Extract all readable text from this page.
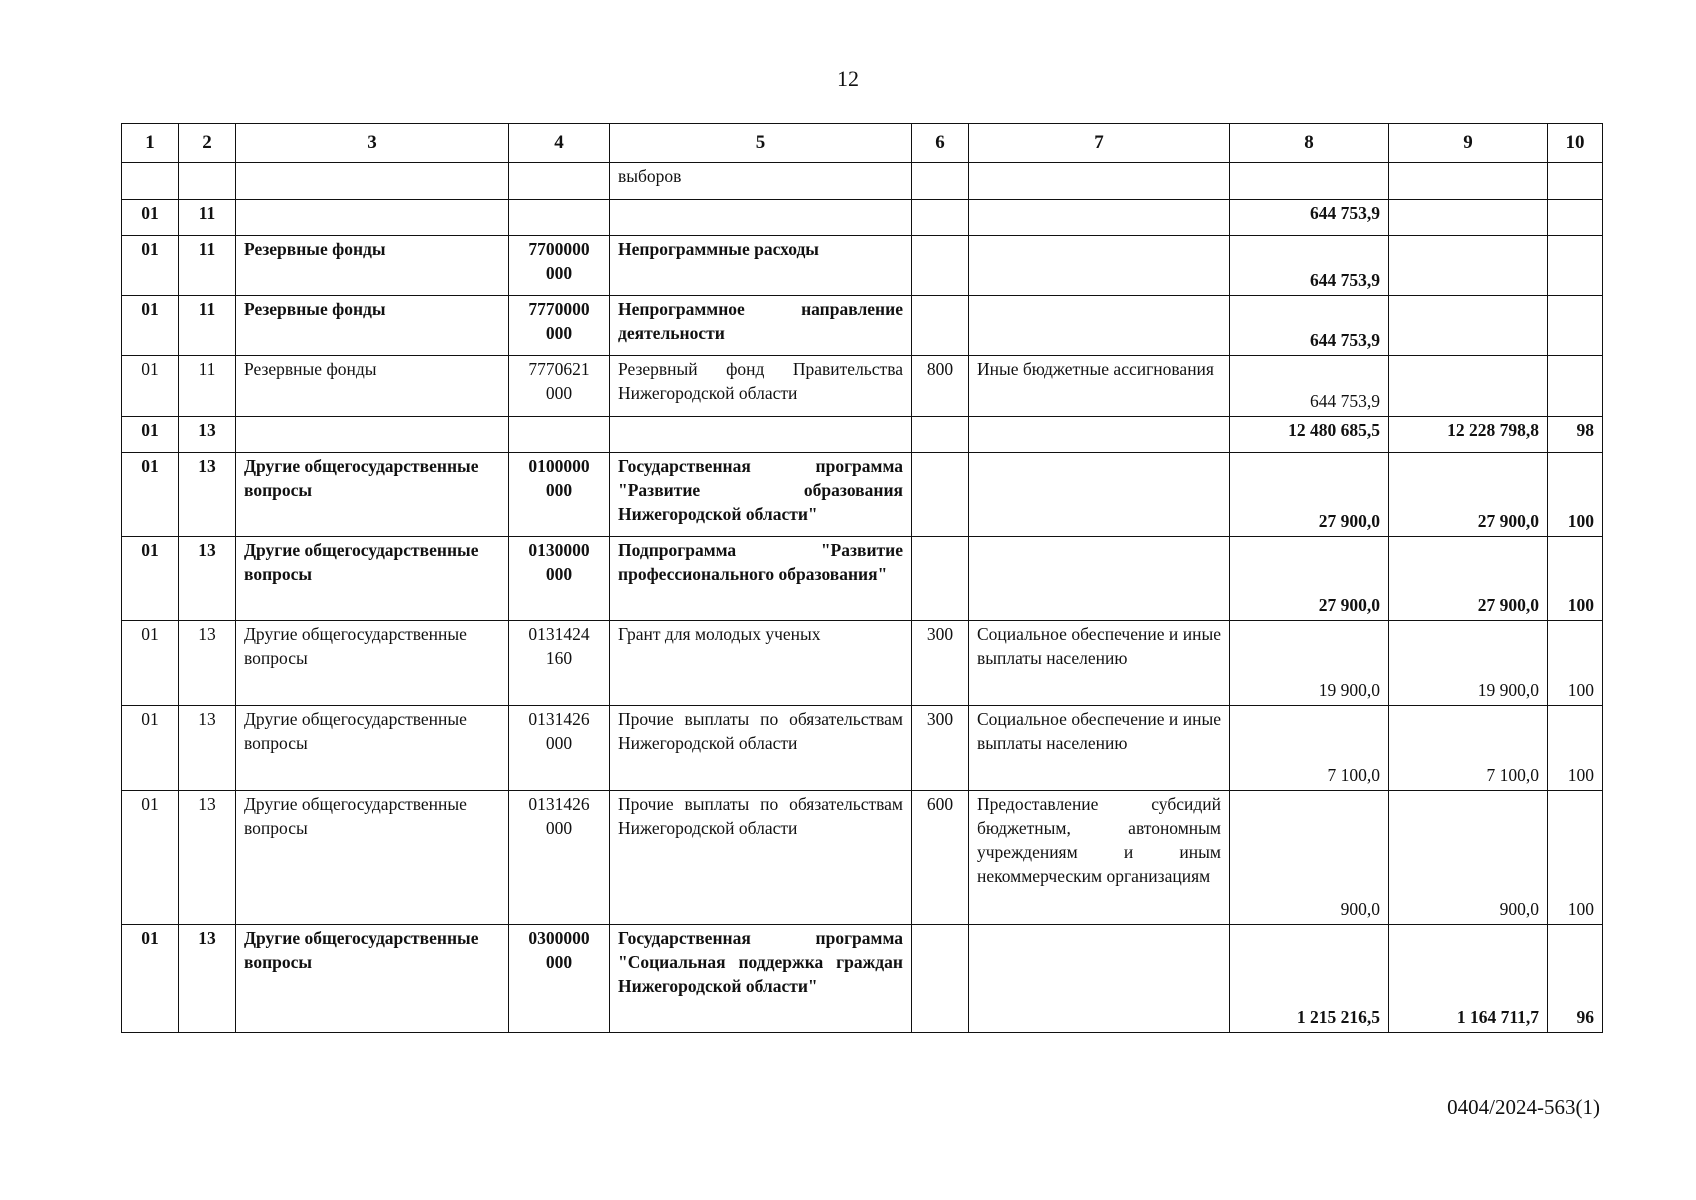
12
1	2	3	4	5	6	7	8	9	10
				выборов					
01	11						644 753,9		
01	11	Резервные фонды	7700000 000	Непрограммные расходы			644 753,9		
01	11	Резервные фонды	7770000 000	Непрограммное направление деятельности			644 753,9		
01	11	Резервные фонды	7770621 000	Резервный фонд Правительства Нижегородской области	800	Иные бюджетные ассигнования	644 753,9		
01	13						12 480 685,5	12 228 798,8	98
01	13	Другие общегосударственные вопросы	0100000 000	Государственная программа "Развитие образования Нижегородской области"			27 900,0	27 900,0	100
01	13	Другие общегосударственные вопросы	0130000 000	Подпрограмма "Развитие профессионального образования"			27 900,0	27 900,0	100
01	13	Другие общегосударственные вопросы	0131424 160	Грант для молодых ученых	300	Социальное обеспечение и иные выплаты населению	19 900,0	19 900,0	100
01	13	Другие общегосударственные вопросы	0131426 000	Прочие выплаты по обязательствам Нижегородской области	300	Социальное обеспечение и иные выплаты населению	7 100,0	7 100,0	100
01	13	Другие общегосударственные вопросы	0131426 000	Прочие выплаты по обязательствам Нижегородской области	600	Предоставление субсидий бюджетным, автономным учреждениям и иным некоммерческим организациям	900,0	900,0	100
01	13	Другие общегосударственные вопросы	0300000 000	Государственная программа "Социальная поддержка граждан Нижегородской области"			1 215 216,5	1 164 711,7	96
0404/2024-563(1)
